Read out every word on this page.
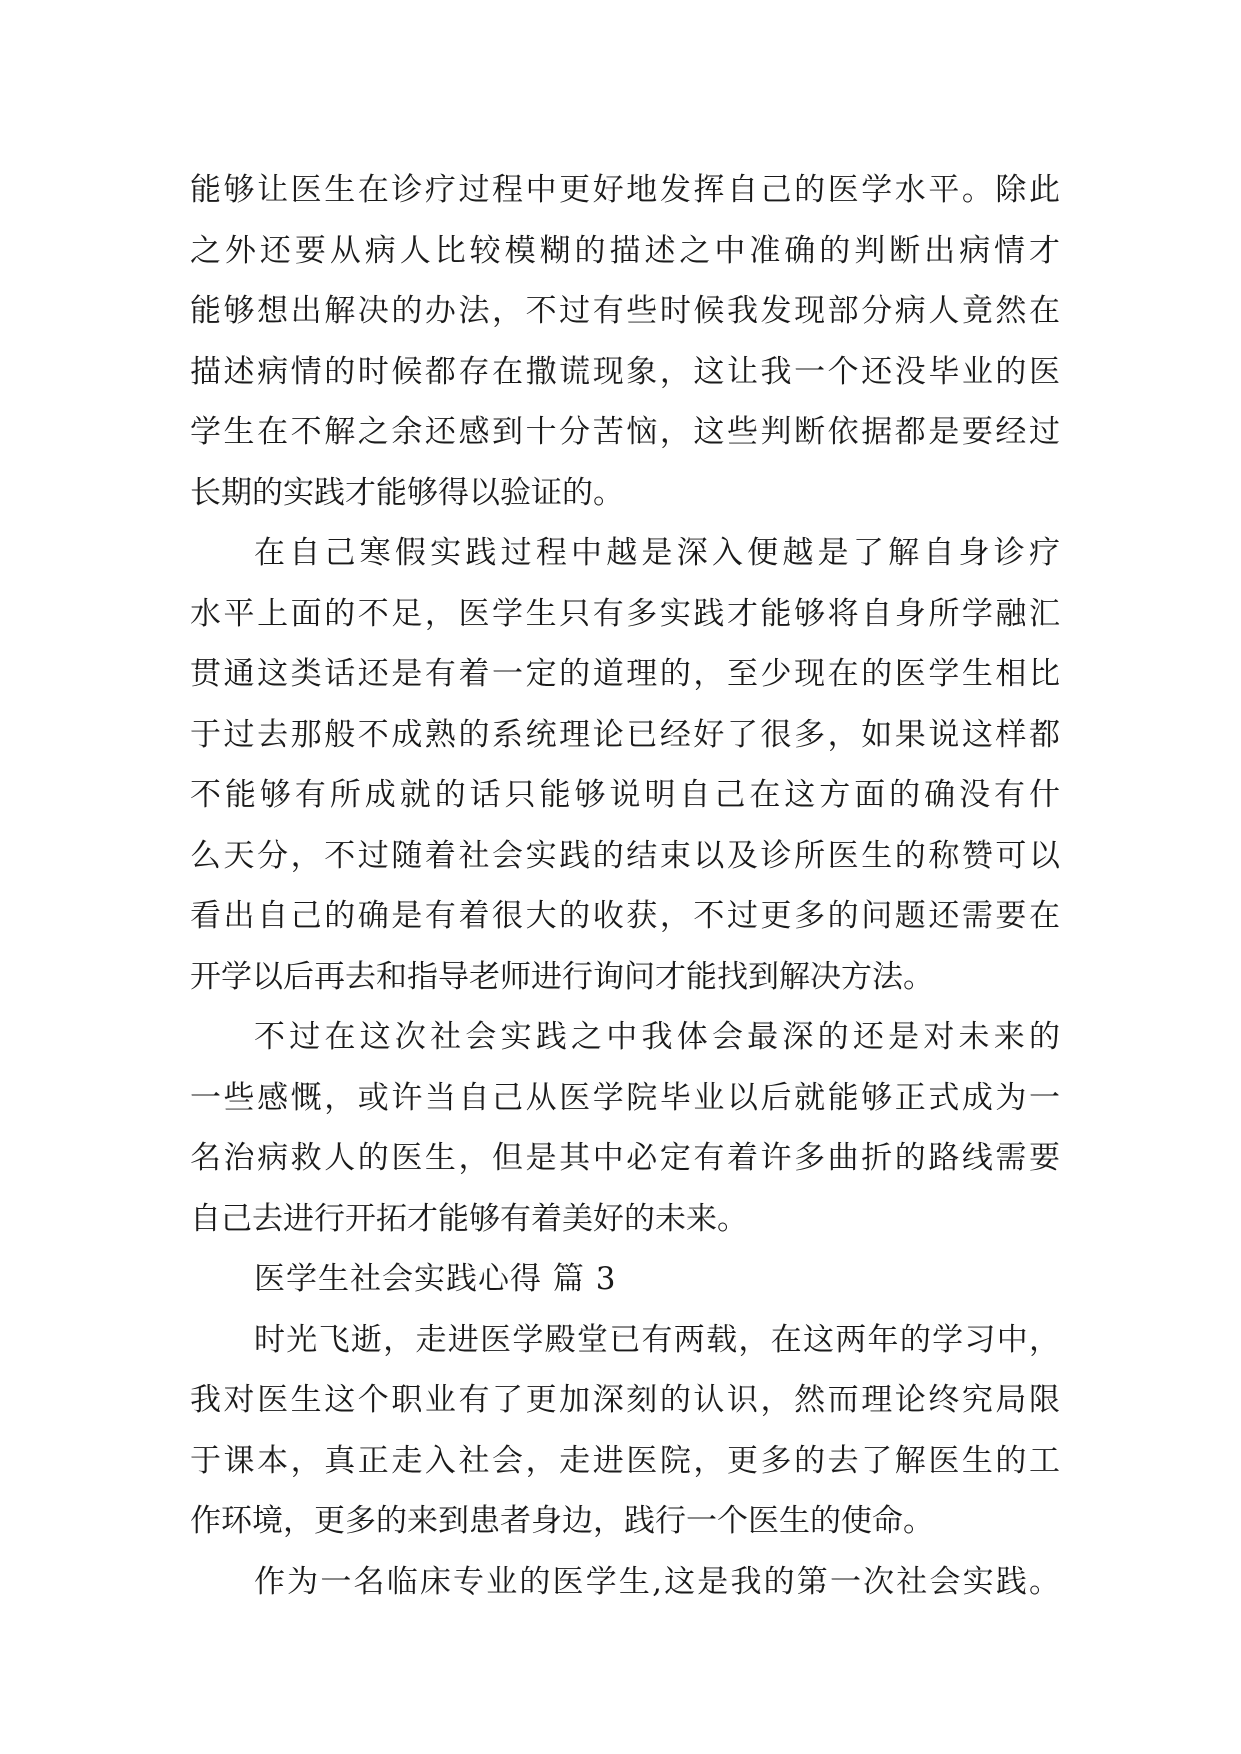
能够让医生在诊疗过程中更好地发挥自己的医学水平。除此
之外还要从病人比较模糊的描述之中准确的判断出病情才
能够想出解决的办法，不过有些时候我发现部分病人竟然在
描述病情的时候都存在撒谎现象，这让我一个还没毕业的医
学生在不解之余还感到十分苦恼，这些判断依据都是要经过
长期的实践才能够得以验证的。
在自己寒假实践过程中越是深入便越是了解自身诊疗
水平上面的不足，医学生只有多实践才能够将自身所学融汇
贯通这类话还是有着一定的道理的，至少现在的医学生相比
于过去那般不成熟的系统理论已经好了很多，如果说这样都
不能够有所成就的话只能够说明自己在这方面的确没有什
么天分，不过随着社会实践的结束以及诊所医生的称赞可以
看出自己的确是有着很大的收获，不过更多的问题还需要在
开学以后再去和指导老师进行询问才能找到解决方法。
不过在这次社会实践之中我体会最深的还是对未来的
一些感慨，或许当自己从医学院毕业以后就能够正式成为一
名治病救人的医生，但是其中必定有着许多曲折的路线需要
自己去进行开拓才能够有着美好的未来。
医学生社会实践心得 篇 3
时光飞逝，走进医学殿堂已有两载，在这两年的学习中，
我对医生这个职业有了更加深刻的认识，然而理论终究局限
于课本，真正走入社会，走进医院，更多的去了解医生的工
作环境，更多的来到患者身边，践行一个医生的使命。
作为一名临床专业的医学生,这是我的第一次社会实践。
